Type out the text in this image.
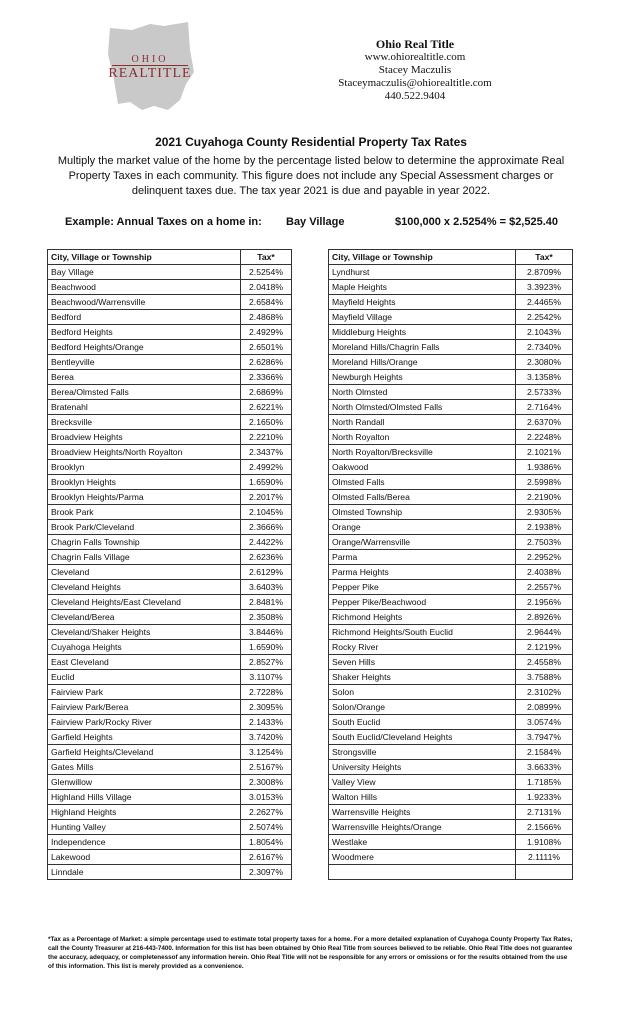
OHIO
REALTITLE
Ohio Real Title
www.ohiorealtitle.com
Stacey Maczulis
Staceymaczulis@ohiorealtitle.com
440.522.9404
2021 Cuyahoga County Residential Property Tax Rates
Multiply the market value of the home by the percentage listed below to determine the approximate Real Property Taxes in each community. This figure does not include any Special Assessment charges or delinquent taxes due. The tax year 2021 is due and payable in year 2022.
Example: Annual Taxes on a home in: Bay Village	$100,000 x 2.5254% = $2,525.40
City, Village or Township	Tax*
Bay Village	2.5254%
Beachwood	2.0418%
Beachwood/Warrensville	2.6584%
Bedford	2.4868%
Bedford Heights	2.4929%
Bedford Heights/Orange	2.6501%
Bentleyville	2.6286%
Berea	2.3366%
Berea/Olmsted Falls	2.6869%
Bratenahl	2.6221%
Brecksville	2.1650%
Broadview Heights	2.2210%
Broadview Heights/North Royalton	2.3437%
Brooklyn	2.4992%
Brooklyn Heights	1.6590%
Brooklyn Heights/Parma	2.2017%
Brook Park	2.1045%
Brook Park/Cleveland	2.3666%
Chagrin Falls Township	2.4422%
Chagrin Falls Village	2.6236%
Cleveland	2.6129%
Cleveland Heights	3.6403%
Cleveland Heights/East Cleveland	2.8481%
Cleveland/Berea	2.3508%
Cleveland/Shaker Heights	3.8446%
Cuyahoga Heights	1.6590%
East Cleveland	2.8527%
Euclid	3.1107%
Fairview Park	2.7228%
Fairview Park/Berea	2.3095%
Fairview Park/Rocky River	2.1433%
Garfield Heights	3.7420%
Garfield Heights/Cleveland	3.1254%
Gates Mills	2.5167%
Glenwillow	2.3008%
Highland Hills Village	3.0153%
Highland Heights	2.2627%
Hunting Valley	2.5074%
Independence	1.8054%
Lakewood	2.6167%
Linndale	2.3097%
City, Village or Township	Tax*
Lyndhurst	2.8709%
Maple Heights	3.3923%
Mayfield Heights	2.4465%
Mayfield Village	2.2542%
Middleburg Heights	2.1043%
Moreland Hills/Chagrin Falls	2.7340%
Moreland Hills/Orange	2.3080%
Newburgh Heights	3.1358%
North Olmsted	2.5733%
North Olmsted/Olmsted Falls	2.7164%
North Randall	2.6370%
North Royalton	2.2248%
North Royalton/Brecksville	2.1021%
Oakwood	1.9386%
Olmsted Falls	2.5998%
Olmsted Falls/Berea	2.2190%
Olmsted Township	2.9305%
Orange	2.1938%
Orange/Warrensville	2.7503%
Parma	2.2952%
Parma Heights	2.4038%
Pepper Pike	2.2557%
Pepper Pike/Beachwood	2.1956%
Richmond Heights	2.8926%
Richmond Heights/South Euclid	2.9644%
Rocky River	2.1219%
Seven Hills	2.4558%
Shaker Heights	3.7588%
Solon	2.3102%
Solon/Orange	2.0899%
South Euclid	3.0574%
South Euclid/Cleveland Heights	3.7947%
Strongsville	2.1584%
University Heights	3.6633%
Valley View	1.7185%
Walton Hills	1.9233%
Warrensville Heights	2.7131%
Warrensville Heights/Orange	2.1566%
Westlake	1.9108%
Woodmere	2.1111%

*Tax as a Percentage of Market: a simple percentage used to estimate total property taxes for a home. For a more detailed explanation of Cuyahoga County Property Tax Rates, call the County Treasurer at 216-443-7400. Information for this list has been obtained by Ohio Real Title from sources believed to be reliable. Ohio Real Title does not guarantee the accuracy, adequacy, or completenessof any information herein. Ohio Real Title will not be responsible for any errors or omissions or for the results obtained from the use of this information. This list is merely provided as a convenience.
